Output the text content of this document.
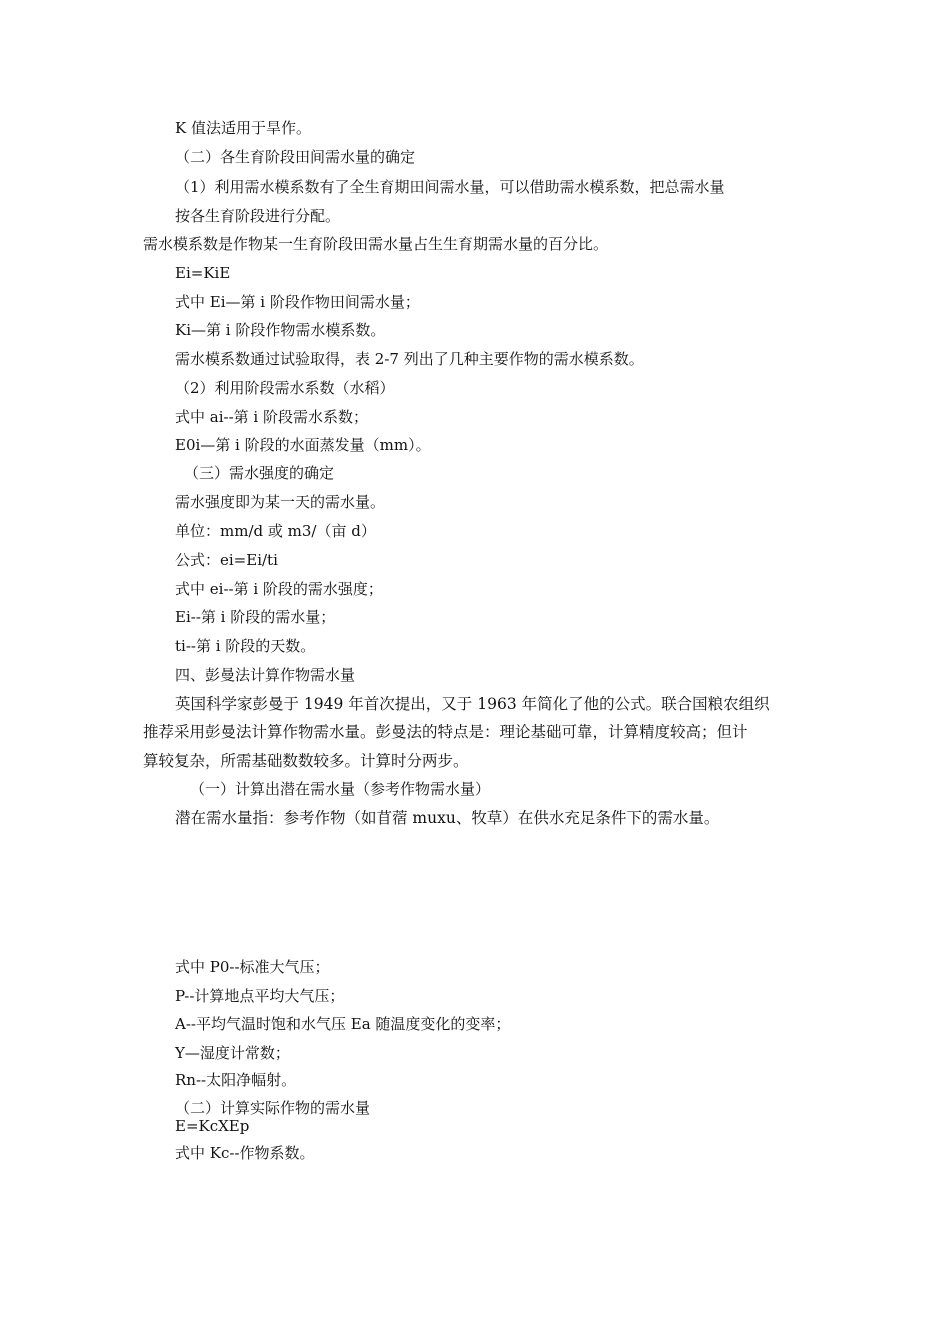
K 值法适用于旱作。
（二）各生育阶段田间需水量的确定
（1）利用需水模系数有了全生育期田间需水量，可以借助需水模系数，把总需水量
按各生育阶段进行分配。
需水模系数是作物某一生育阶段田需水量占生生育期需水量的百分比。
Ei=KiE
式中 Ei—第 i 阶段作物田间需水量；
Ki—第 i 阶段作物需水模系数。
需水模系数通过试验取得，表 2-7 列出了几种主要作物的需水模系数。
（2）利用阶段需水系数（水稻）
式中 ai--第 i 阶段需水系数；
E0i—第 i 阶段的水面蒸发量（mm）。
（三）需水强度的确定
需水强度即为某一天的需水量。
单位：mm/d 或 m3/（亩 d）
公式：ei=Ei/ti
式中 ei--第 i 阶段的需水强度；
Ei--第 i 阶段的需水量；
ti--第 i 阶段的天数。
四、彭曼法计算作物需水量
英国科学家彭曼于 1949 年首次提出，又于 1963 年简化了他的公式。联合国粮农组织
推荐采用彭曼法计算作物需水量。彭曼法的特点是：理论基础可靠，计算精度较高；但计
算较复杂，所需基础数数较多。计算时分两步。
（一）计算出潜在需水量（参考作物需水量）
潜在需水量指：参考作物（如苜蓿 muxu、牧草）在供水充足条件下的需水量。
式中 P0--标准大气压；
P--计算地点平均大气压；
A--平均气温时饱和水气压 Ea 随温度变化的变率；
Y—湿度计常数；
Rn--太阳净幅射。
（二）计算实际作物的需水量
E=KcXEp
式中 Kc--作物系数。
